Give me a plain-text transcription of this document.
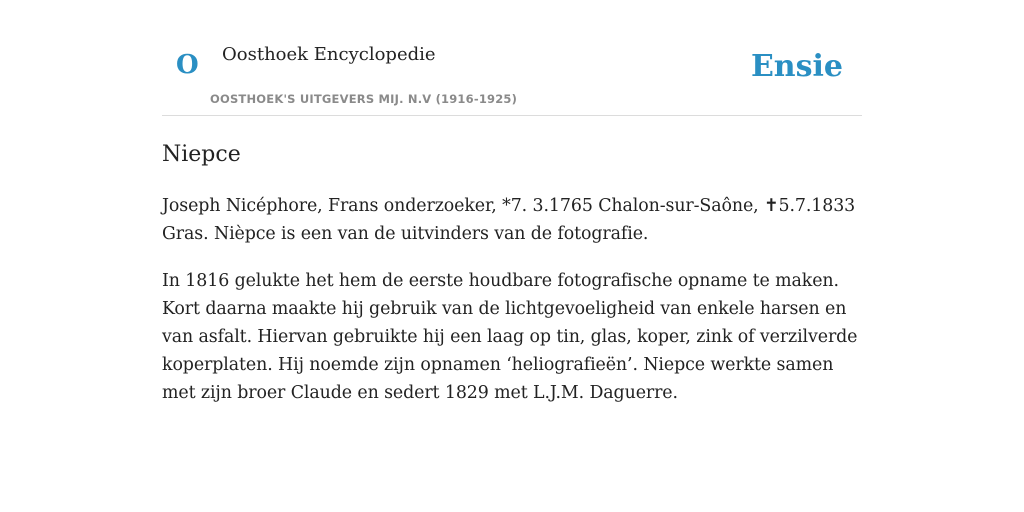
O Oosthoek Encyclopedie
OOSTHOEK'S UITGEVERS MIJ. N.V (1916-1925)
Ensie
Niepce

Joseph Nicéphore, Frans onderzoeker, *7. 3.1765 Chalon-sur-Saône, ✝5.7.1833 Gras. Nièpce is een van de uitvinders van de fotografie.

In 1816 gelukte het hem de eerste houdbare fotografische opname te maken. Kort daarna maakte hij gebruik van de lichtgevoeligheid van enkele harsen en van asfalt. Hiervan gebruikte hij een laag op tin, glas, koper, zink of verzilverde koperplaten. Hij noemde zijn opnamen ‘heliografieën’. Niepce werkte samen met zijn broer Claude en sedert 1829 met L.J.M. Daguerre.
